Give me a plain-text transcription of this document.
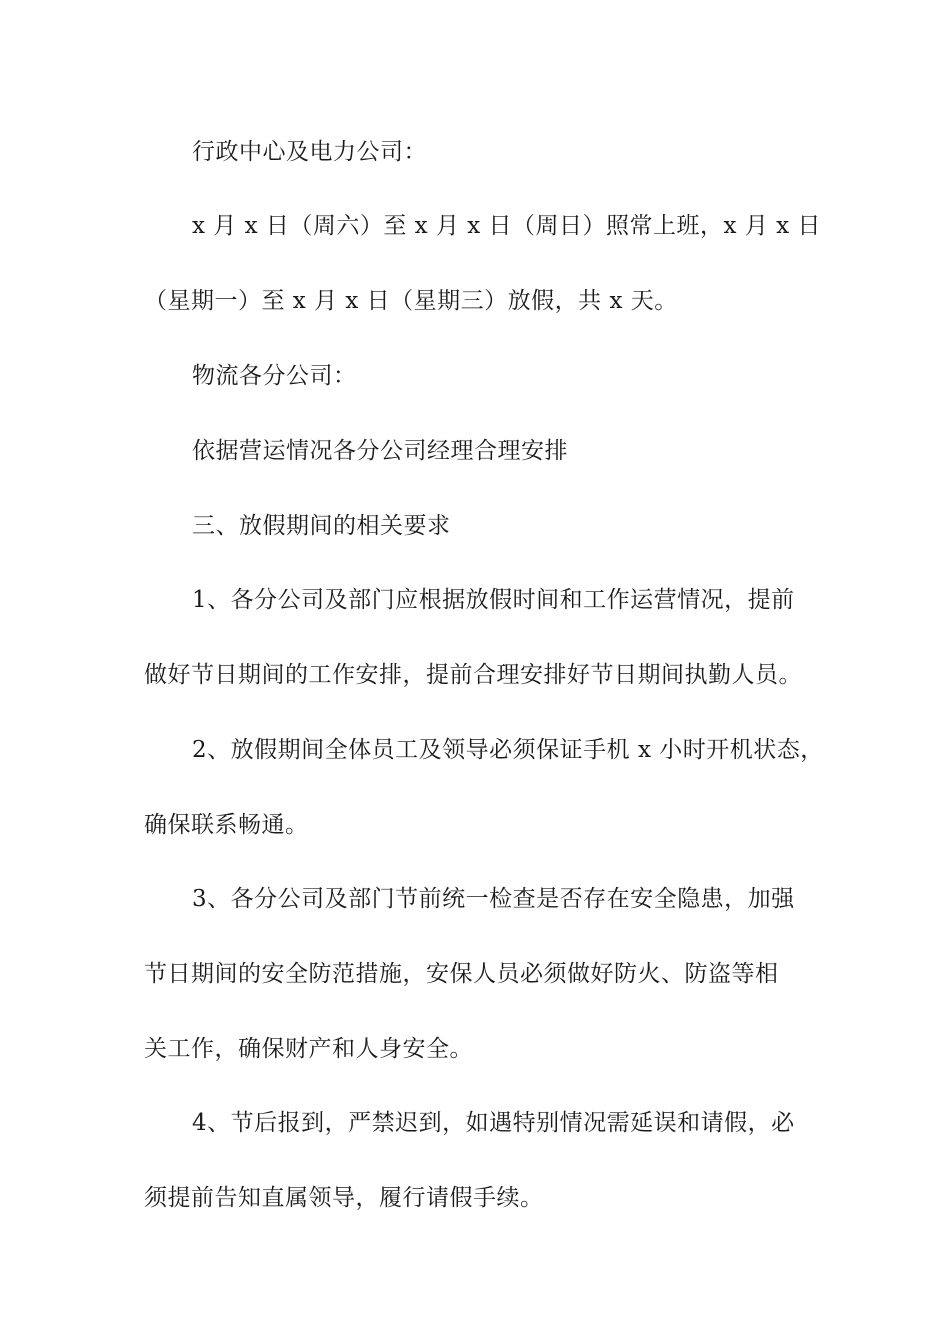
行政中心及电力公司：
x 月 x 日（周六）至 x 月 x 日（周日）照常上班，x 月 x 日
（星期一）至 x 月 x 日（星期三）放假，共 x 天。
物流各分公司：
依据营运情况各分公司经理合理安排
三、放假期间的相关要求
1、各分公司及部门应根据放假时间和工作运营情况，提前
做好节日期间的工作安排，提前合理安排好节日期间执勤人员。
2、放假期间全体员工及领导必须保证手机 x 小时开机状态，
确保联系畅通。
3、各分公司及部门节前统一检查是否存在安全隐患，加强
节日期间的安全防范措施，安保人员必须做好防火、防盗等相
关工作，确保财产和人身安全。
4、节后报到，严禁迟到，如遇特别情况需延误和请假，必
须提前告知直属领导，履行请假手续。
